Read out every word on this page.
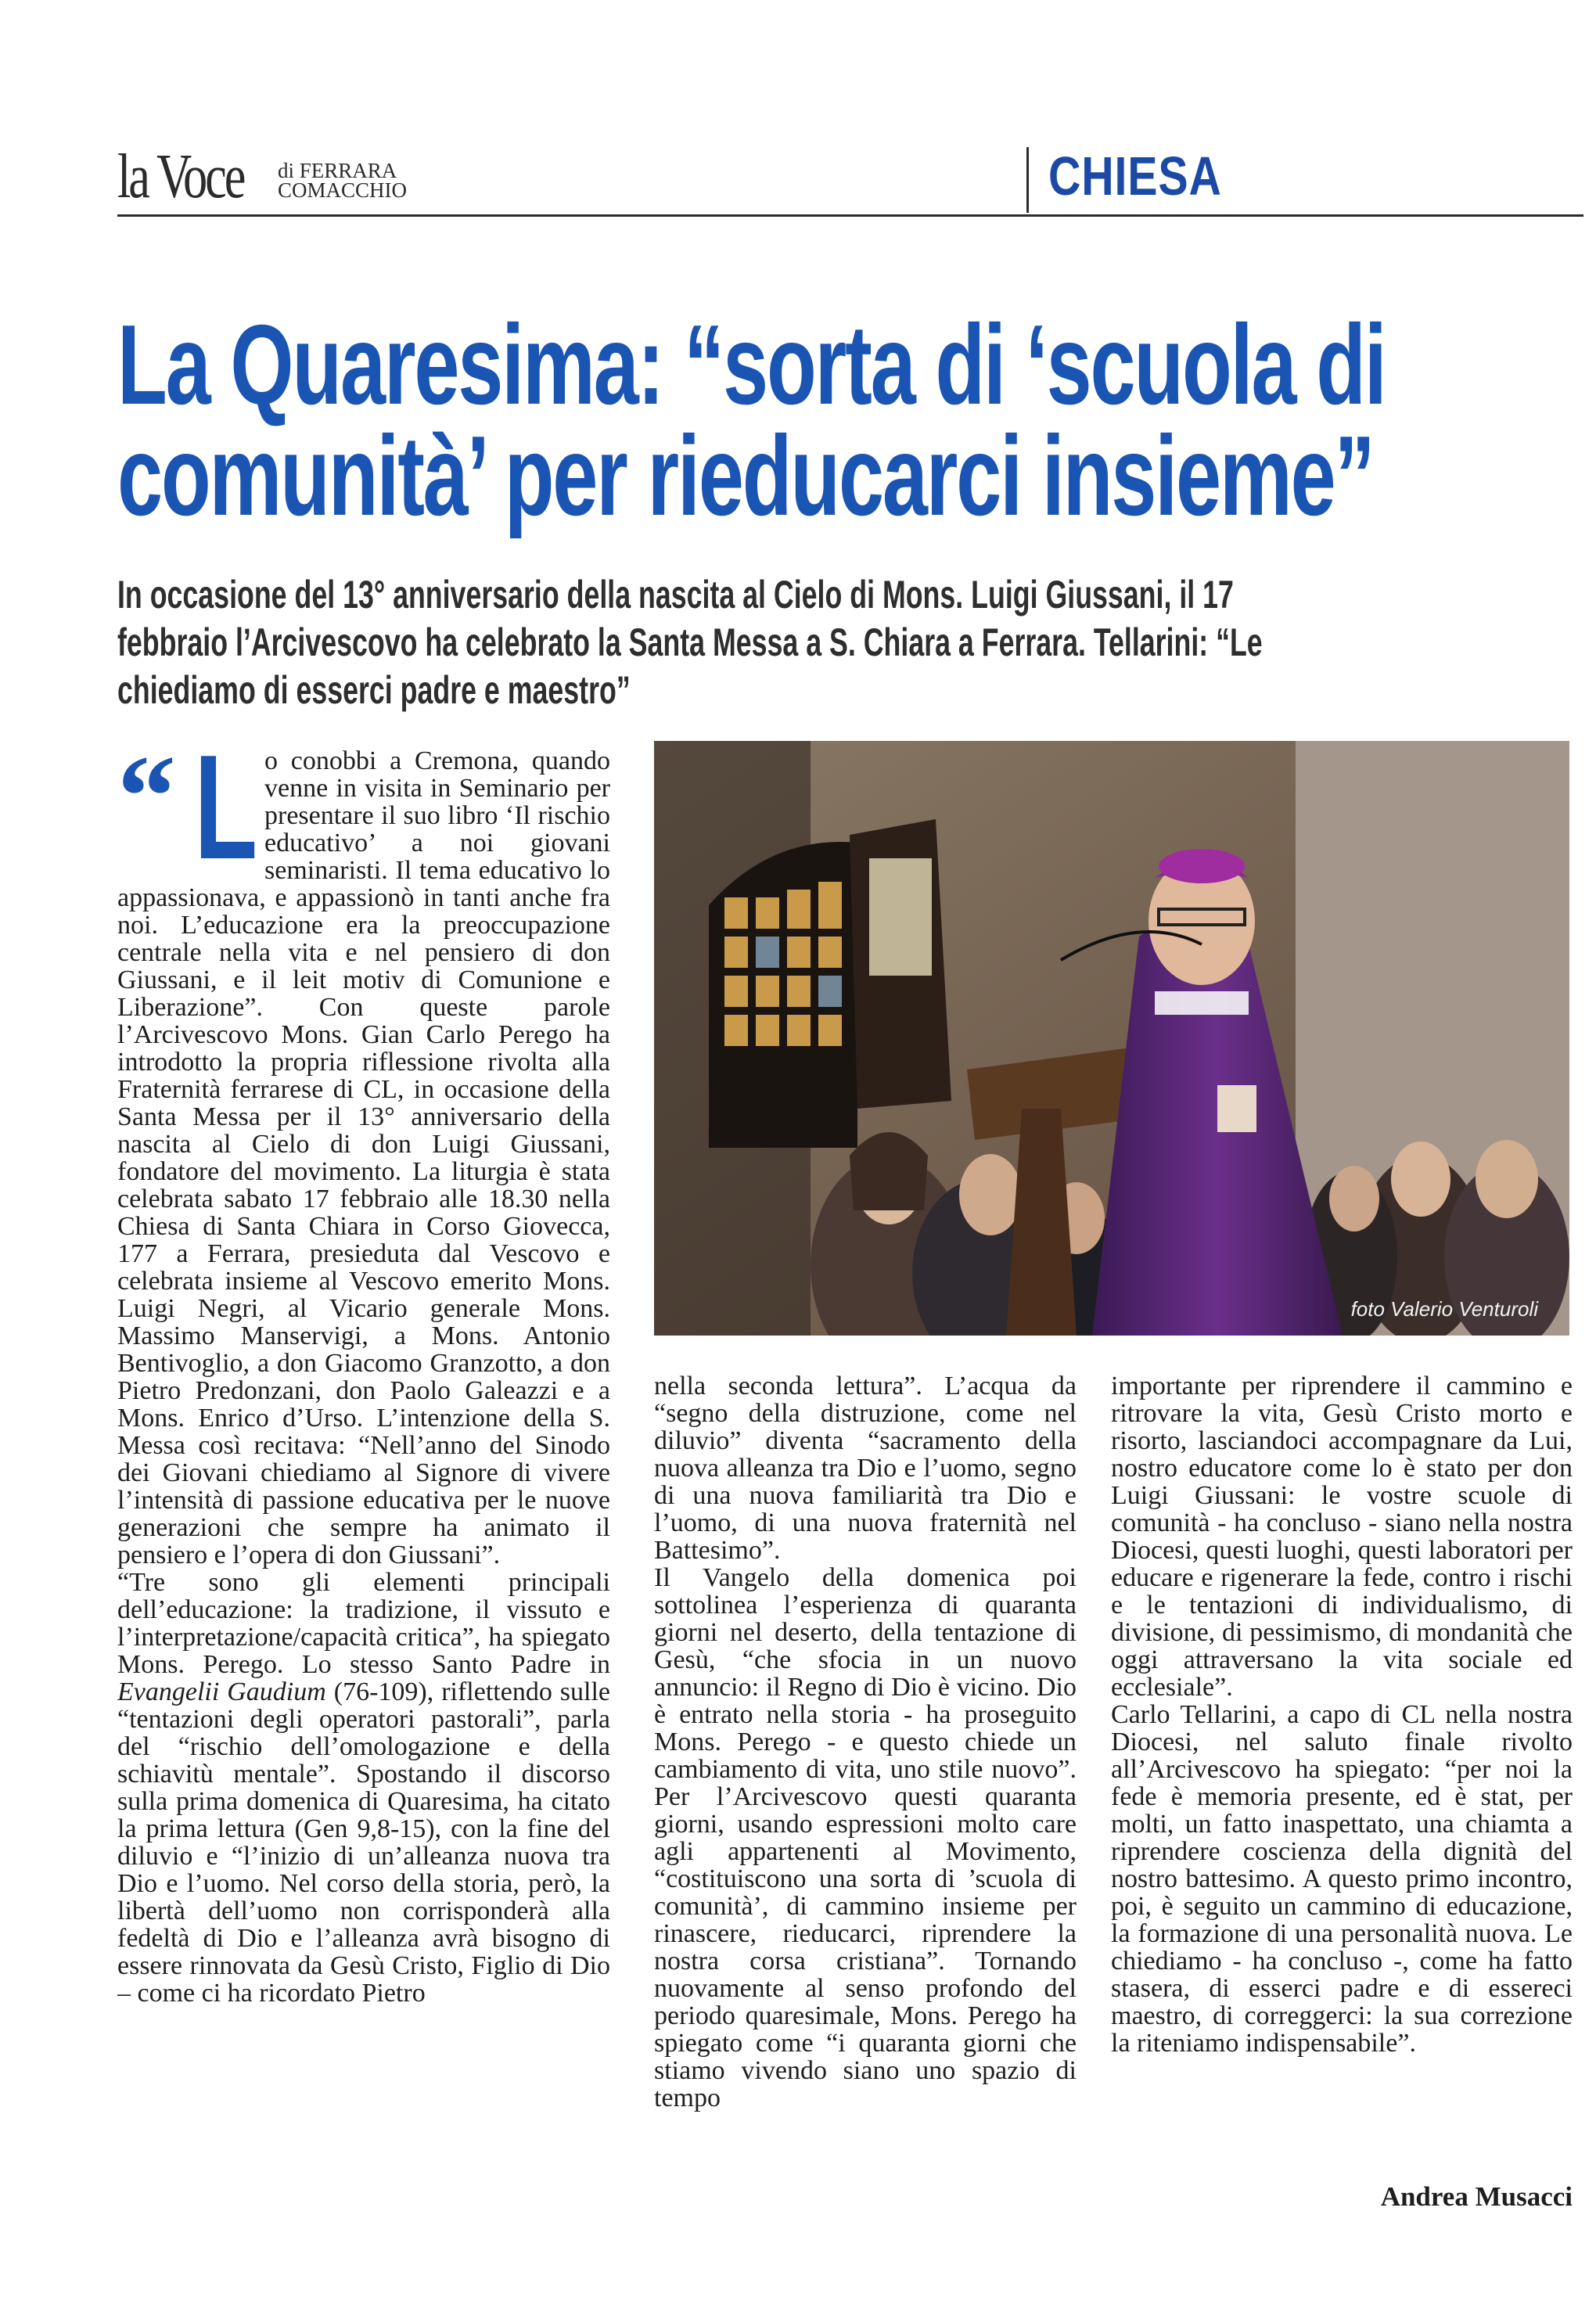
la Voce di FERRARA
COMACCHIO	CHIESA
La Quaresima: “sorta di ‘scuola di
comunità’ per rieducarci insieme”
In occasione del 13° anniversario della nascita al Cielo di Mons. Luigi Giussani, il 17
febbraio l’Arcivescovo ha celebrato la Santa Messa a S. Chiara a Ferrara. Tellarini: “Le
chiediamo di esserci padre e maestro”
“ L o conobbi a Cremona, quando venne in visita in Seminario per presentare il suo libro ‘Il rischio educativo’ a noi giovani seminaristi. Il tema educativo lo appassionava, e appassionò in tanti anche fra noi. L’educazione era la preoccupazione centrale nella vita e nel pensiero di don Giussani, e il leit motiv di Comunione e Liberazione”. Con queste parole l’Arcivescovo Mons. Gian Carlo Perego ha introdotto la propria riflessione rivolta alla Fraternità ferrarese di CL, in occasione della Santa Messa per il 13° anniversario della nascita al Cielo di don Luigi Giussani, fondatore del movimento. La liturgia è stata celebrata sabato 17 febbraio alle 18.30 nella Chiesa di Santa Chiara in Corso Giovecca, 177 a Ferrara, presieduta dal Vescovo e celebrata insieme al Vescovo emerito Mons. Luigi Negri, al Vicario generale Mons. Massimo Manservigi, a Mons. Antonio Bentivoglio, a don Giacomo Granzotto, a don Pietro Predonzani, don Paolo Galeazzi e a Mons. Enrico d’Urso. L’intenzione della S. Messa così recitava: “Nell’anno del Sinodo dei Giovani chiediamo al Signore di vivere l’intensità di passione educativa per le nuove generazioni che sempre ha animato il pensiero e l’opera di don Giussani”.

“Tre sono gli elementi principali dell’educazione: la tradizione, il vissuto e l’interpretazione/capacità critica”, ha spiegato Mons. Perego. Lo stesso Santo Padre in Evangelii Gaudium (76-109), riflettendo sulle “tentazioni degli operatori pastorali”, parla del “rischio dell’omologazione e della schiavitù mentale”. Spostando il discorso sulla prima domenica di Quaresima, ha citato la prima lettura (Gen 9,8-15), con la fine del diluvio e “l’inizio di un’alleanza nuova tra Dio e l’uomo. Nel corso della storia, però, la libertà dell’uomo non corrisponderà alla fedeltà di Dio e l’alleanza avrà bisogno di essere rinnovata da Gesù Cristo, Figlio di Dio – come ci ha ricordato Pietro

foto Valerio Venturoli

nella seconda lettura”. L’acqua da “segno della distruzione, come nel diluvio” diventa “sacramento della nuova alleanza tra Dio e l’uomo, segno di una nuova familiarità tra Dio e l’uomo, di una nuova fraternità nel Battesimo”.

Il Vangelo della domenica poi sottolinea l’esperienza di quaranta giorni nel deserto, della tentazione di Gesù, “che sfocia in un nuovo annuncio: il Regno di Dio è vicino. Dio è entrato nella storia - ha proseguito Mons. Perego - e questo chiede un cambiamento di vita, uno stile nuovo”. Per l’Arcivescovo questi quaranta giorni, usando espressioni molto care agli appartenenti al Movimento, “costituiscono una sorta di ’scuola di comunità’, di cammino insieme per rinascere, rieducarci, riprendere la nostra corsa cristiana”. Tornando nuovamente al senso profondo del periodo quaresimale, Mons. Perego ha spiegato come “i quaranta giorni che stiamo vivendo siano uno spazio di tempo

importante per riprendere il cammino e ritrovare la vita, Gesù Cristo morto e risorto, lasciandoci accompagnare da Lui, nostro educatore come lo è stato per don Luigi Giussani: le vostre scuole di comunità - ha concluso - siano nella nostra Diocesi, questi luoghi, questi laboratori per educare e rigenerare la fede, contro i rischi e le tentazioni di individualismo, di divisione, di pessimismo, di mondanità che oggi attraversano la vita sociale ed ecclesiale”.

Carlo Tellarini, a capo di CL nella nostra Diocesi, nel saluto finale rivolto all’Arcivescovo ha spiegato: “per noi la fede è memoria presente, ed è stat, per molti, un fatto inaspettato, una chiamta a riprendere coscienza della dignità del nostro battesimo. A questo primo incontro, poi, è seguito un cammino di educazione, la formazione di una personalità nuova. Le chiediamo - ha concluso -, come ha fatto stasera, di esserci padre e di essereci maestro, di correggerci: la sua correzione la riteniamo indispensabile”.

Andrea Musacci
